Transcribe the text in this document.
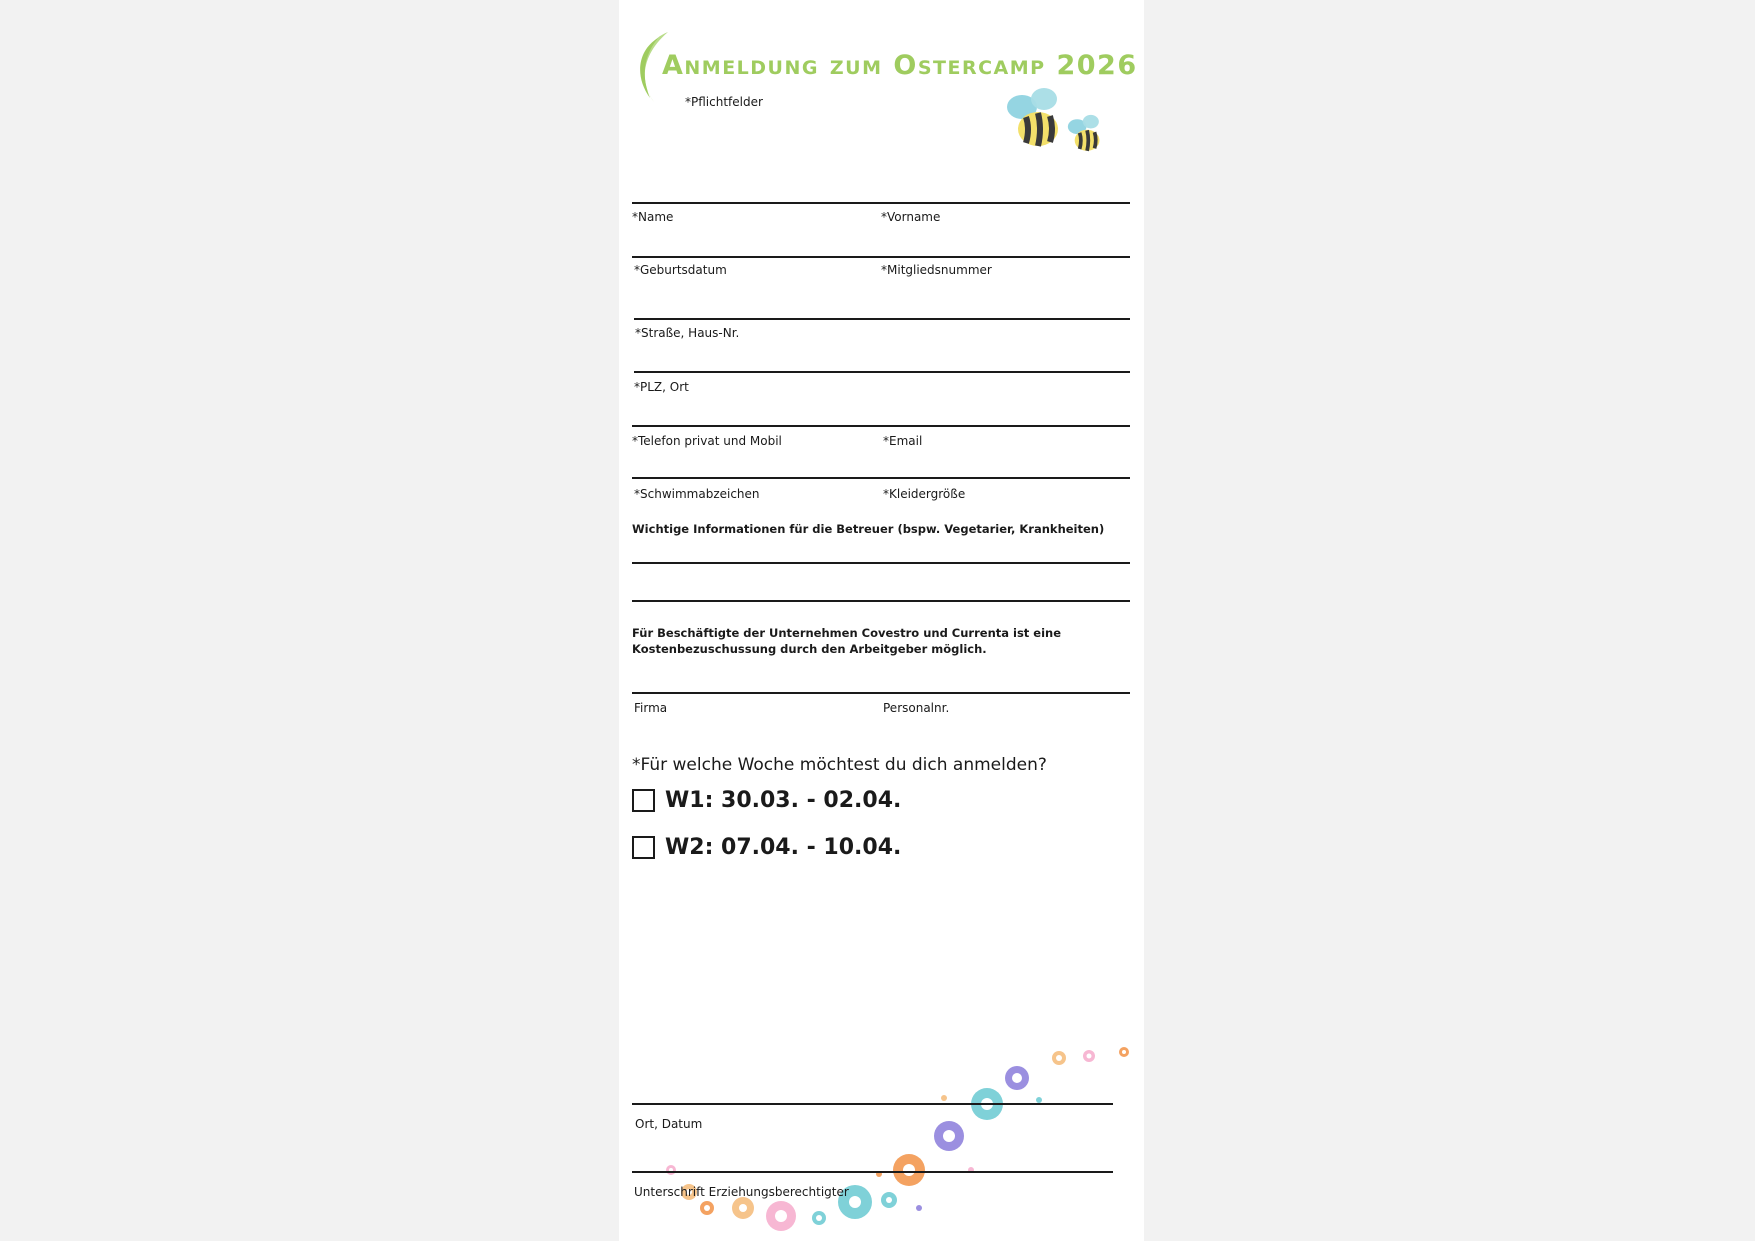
Anmeldung zum Ostercamp 2026
*Pflichtfelder
*Name	*Vorname
*Geburtsdatum	*Mitgliedsnummer
*Straße, Haus-Nr.
*PLZ, Ort
*Telefon privat und Mobil	*Email
*Schwimmabzeichen	*Kleidergröße
Wichtige Informationen für die Betreuer (bspw. Vegetarier, Krankheiten)
Für Beschäftigte der Unternehmen Covestro und Currenta ist eine
Kostenbezuschussung durch den Arbeitgeber möglich.
Firma	Personalnr.
*Für welche Woche möchtest du dich anmelden?
W1: 30.03. - 02.04.
W2: 07.04. - 10.04.
Ort, Datum
Unterschrift Erziehungsberechtigter
